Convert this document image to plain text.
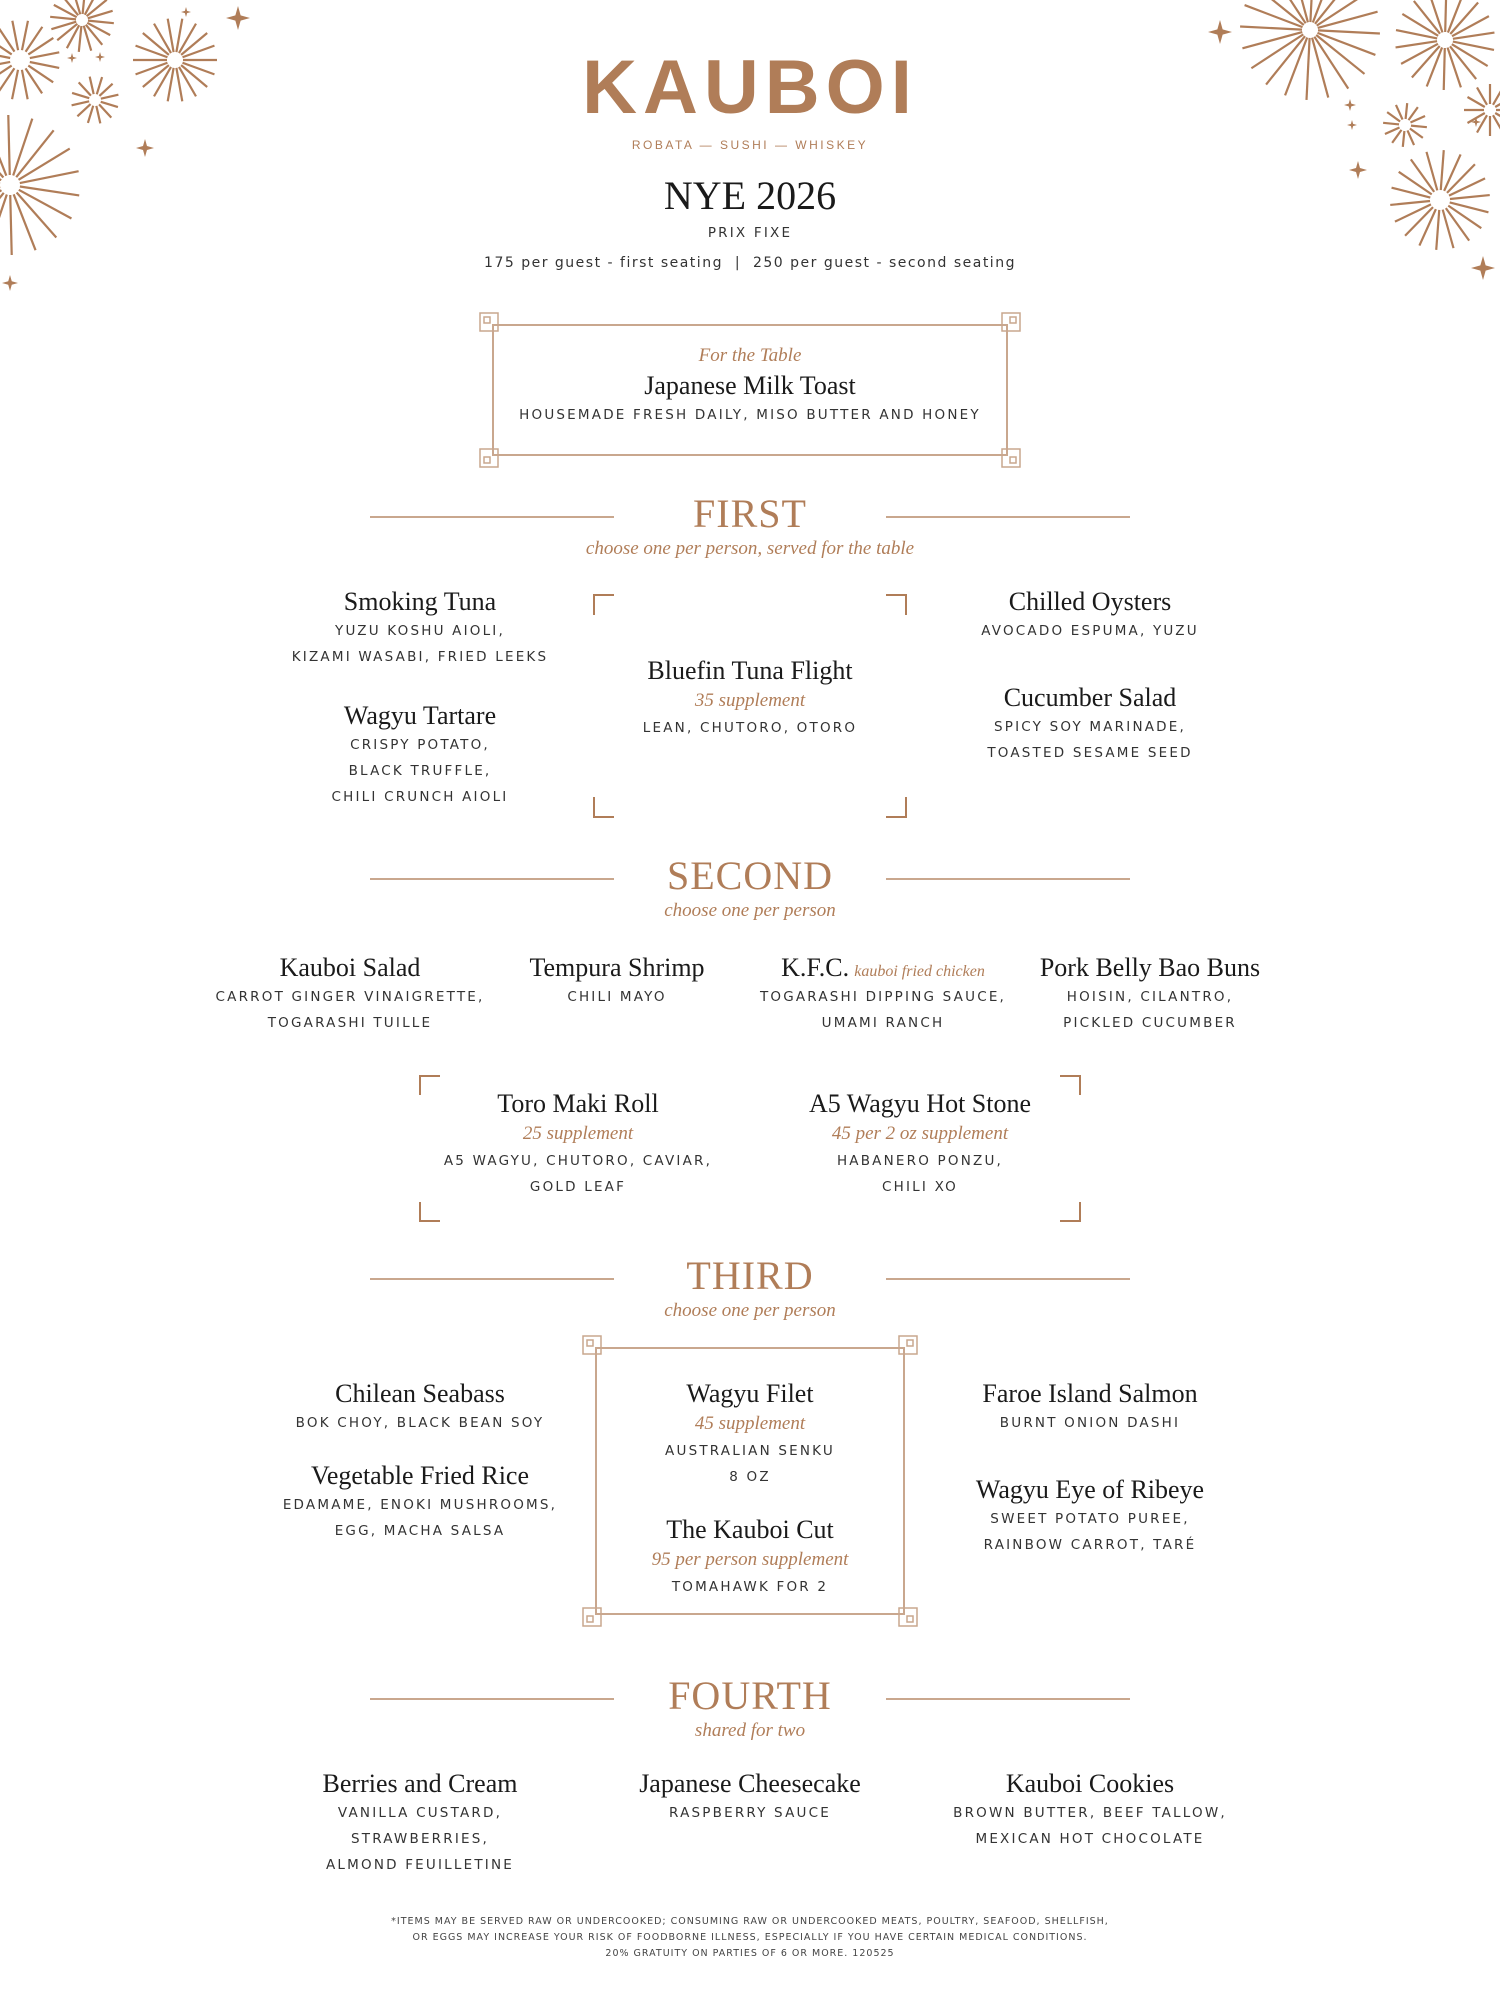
KAUBOI
ROBATA — SUSHI — WHISKEY
NYE 2026
PRIX FIXE
175 per guest - first seating  |  250 per guest - second seating
For the Table
Japanese Milk Toast
HOUSEMADE FRESH DAILY, MISO BUTTER AND HONEY
FIRST
choose one per person, served for the table
Smoking Tuna
YUZU KOSHU AIOLI,
KIZAMI WASABI, FRIED LEEKS
Wagyu Tartare
CRISPY POTATO,
BLACK TRUFFLE,
CHILI CRUNCH AIOLI
Bluefin Tuna Flight
35 supplement
LEAN, CHUTORO, OTORO
Chilled Oysters
AVOCADO ESPUMA, YUZU
Cucumber Salad
SPICY SOY MARINADE,
TOASTED SESAME SEED
SECOND
choose one per person
Kauboi Salad
CARROT GINGER VINAIGRETTE,
TOGARASHI TUILLE
Tempura Shrimp
CHILI MAYO
K.F.C. kauboi fried chicken
TOGARASHI DIPPING SAUCE,
UMAMI RANCH
Pork Belly Bao Buns
HOISIN, CILANTRO,
PICKLED CUCUMBER
Toro Maki Roll
25 supplement
A5 WAGYU, CHUTORO, CAVIAR,
GOLD LEAF
A5 Wagyu Hot Stone
45 per 2 oz supplement
HABANERO PONZU,
CHILI XO
THIRD
choose one per person
Chilean Seabass
BOK CHOY, BLACK BEAN SOY
Vegetable Fried Rice
EDAMAME, ENOKI MUSHROOMS,
EGG, MACHA SALSA
Wagyu Filet
45 supplement
AUSTRALIAN SENKU
8 OZ
The Kauboi Cut
95 per person supplement
TOMAHAWK FOR 2
Faroe Island Salmon
BURNT ONION DASHI
Wagyu Eye of Ribeye
SWEET POTATO PUREE,
RAINBOW CARROT, TARÉ
FOURTH
shared for two
Berries and Cream
VANILLA CUSTARD,
STRAWBERRIES,
ALMOND FEUILLETINE
Japanese Cheesecake
RASPBERRY SAUCE
Kauboi Cookies
BROWN BUTTER, BEEF TALLOW,
MEXICAN HOT CHOCOLATE
*ITEMS MAY BE SERVED RAW OR UNDERCOOKED; CONSUMING RAW OR UNDERCOOKED MEATS, POULTRY, SEAFOOD, SHELLFISH,
OR EGGS MAY INCREASE YOUR RISK OF FOODBORNE ILLNESS, ESPECIALLY IF YOU HAVE CERTAIN MEDICAL CONDITIONS.
20% GRATUITY ON PARTIES OF 6 OR MORE. 120525
